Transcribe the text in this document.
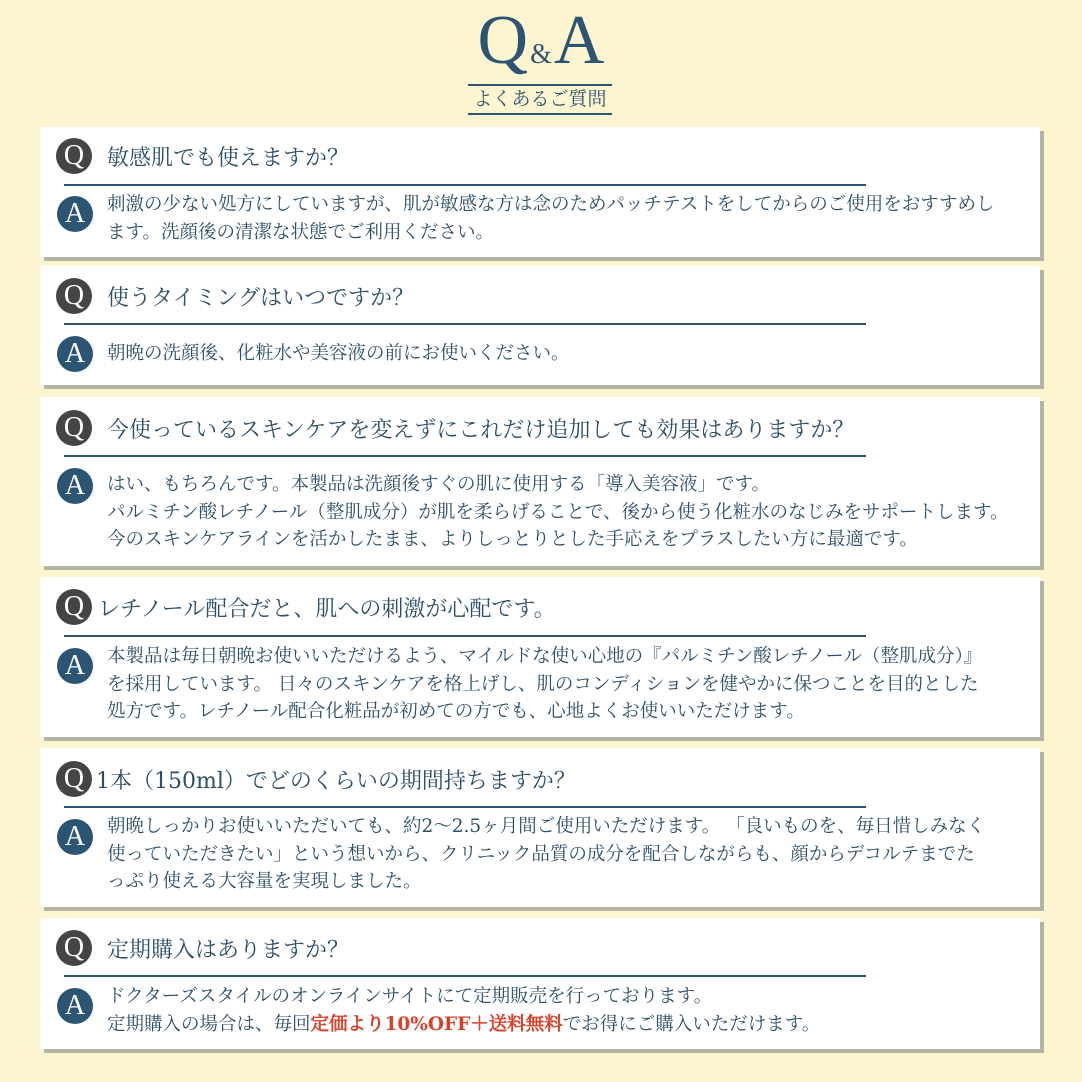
Q&A
よくあるご質問
Q	敏感肌でも使えますか？
A	刺激の少ない処方にしていますが、肌が敏感な方は念のためパッチテストをしてからのご使用をおすすめし
ます。洗顔後の清潔な状態でご利用ください。
Q	使うタイミングはいつですか？
A	朝晩の洗顔後、化粧水や美容液の前にお使いください。
Q	今使っているスキンケアを変えずにこれだけ追加しても効果はありますか？
A	はい、もちろんです。本製品は洗顔後すぐの肌に使用する「導入美容液」です。
パルミチン酸レチノール（整肌成分）が肌を柔らげることで、後から使う化粧水のなじみをサポートします。
今のスキンケアラインを活かしたまま、よりしっとりとした手応えをプラスしたい方に最適です。
Q レチノール配合だと、肌への刺激が心配です。
A	本製品は毎日朝晩お使いいただけるよう、マイルドな使い心地の『パルミチン酸レチノール（整肌成分）』
を採用しています。 日々のスキンケアを格上げし、肌のコンディションを健やかに保つことを目的とした
処方です。レチノール配合化粧品が初めての方でも、心地よくお使いいただけます。
Q 1本（150ml）でどのくらいの期間持ちますか？
A	朝晩しっかりお使いいただいても、約2〜2.5ヶ月間ご使用いただけます。 「良いものを、毎日惜しみなく
使っていただきたい」という想いから、クリニック品質の成分を配合しながらも、顔からデコルテまでた
っぷり使える大容量を実現しました。
Q	定期購入はありますか？
A	ドクターズスタイルのオンラインサイトにて定期販売を行っております。
定期購入の場合は、毎回定価より10%OFF＋送料無料でお得にご購入いただけます。
